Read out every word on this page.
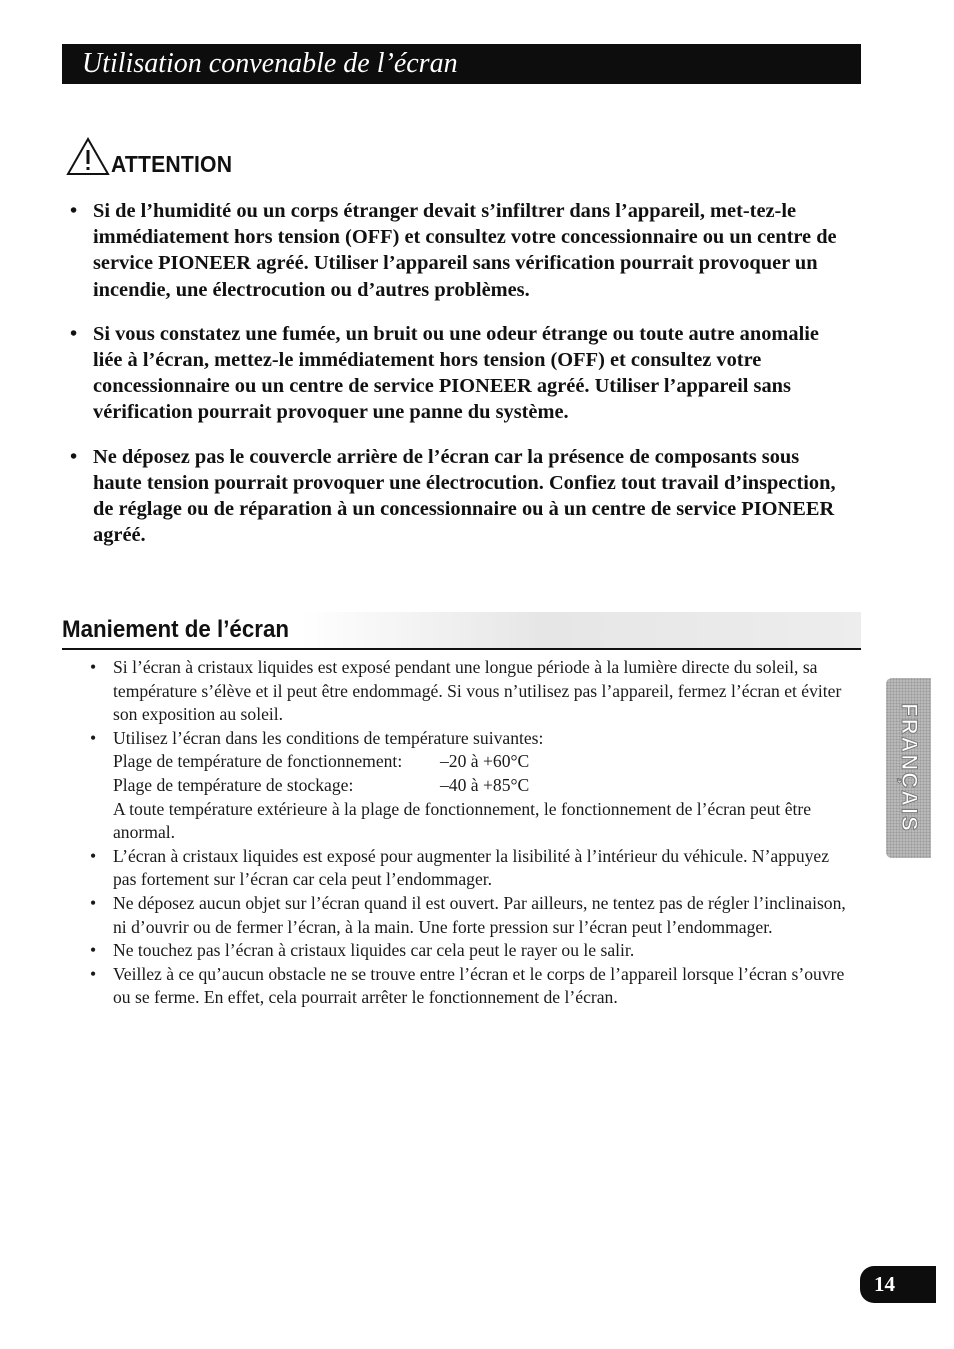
Utilisation convenable de l’écran
ATTENTION
• Si de l’humidité ou un corps étranger devait s’infiltrer dans l’appareil, met-tez-le immédiatement hors tension (OFF) et consultez votre concessionnaire ou un centre de service PIONEER agréé. Utiliser l’appareil sans vérification pourrait provoquer un incendie, une électrocution ou d’autres problèmes.
• Si vous constatez une fumée, un bruit ou une odeur étrange ou toute autre anomalie liée à l’écran, mettez-le immédiatement hors tension (OFF) et consultez votre concessionnaire ou un centre de service PIONEER agréé. Utiliser l’appareil sans vérification pourrait provoquer une panne du système.
• Ne déposez pas le couvercle arrière de l’écran car la présence de composants sous haute tension pourrait provoquer une électrocution. Confiez tout travail d’inspection, de réglage ou de réparation à un concessionnaire ou à un centre de service PIONEER agréé.
Maniement de l’écran
• Si l’écran à cristaux liquides est exposé pendant une longue période à la lumière directe du soleil, sa température s’élève et il peut être endommagé. Si vous n’utilisez pas l’appareil, fermez l’écran et éviter son exposition au soleil.
• Utilisez l’écran dans les conditions de température suivantes:
Plage de température de fonctionnement: –20 à +60°C
Plage de température de stockage:	–40 à +85°C
A toute température extérieure à la plage de fonctionnement, le fonctionnement de l’écran peut être anormal.
• L’écran à cristaux liquides est exposé pour augmenter la lisibilité à l’intérieur du véhicule. N’appuyez pas fortement sur l’écran car cela peut l’endommager.
• Ne déposez aucun objet sur l’écran quand il est ouvert. Par ailleurs, ne tentez pas de régler l’inclinaison, ni d’ouvrir ou de fermer l’écran, à la main. Une forte pression sur l’écran peut l’endommager.
• Ne touchez pas l’écran à cristaux liquides car cela peut le rayer ou le salir.
• Veillez à ce qu’aucun obstacle ne se trouve entre l’écran et le corps de l’appareil lorsque l’écran s’ouvre ou se ferme. En effet, cela pourrait arrêter le fonctionnement de l’écran.
FRANÇAIS
14
